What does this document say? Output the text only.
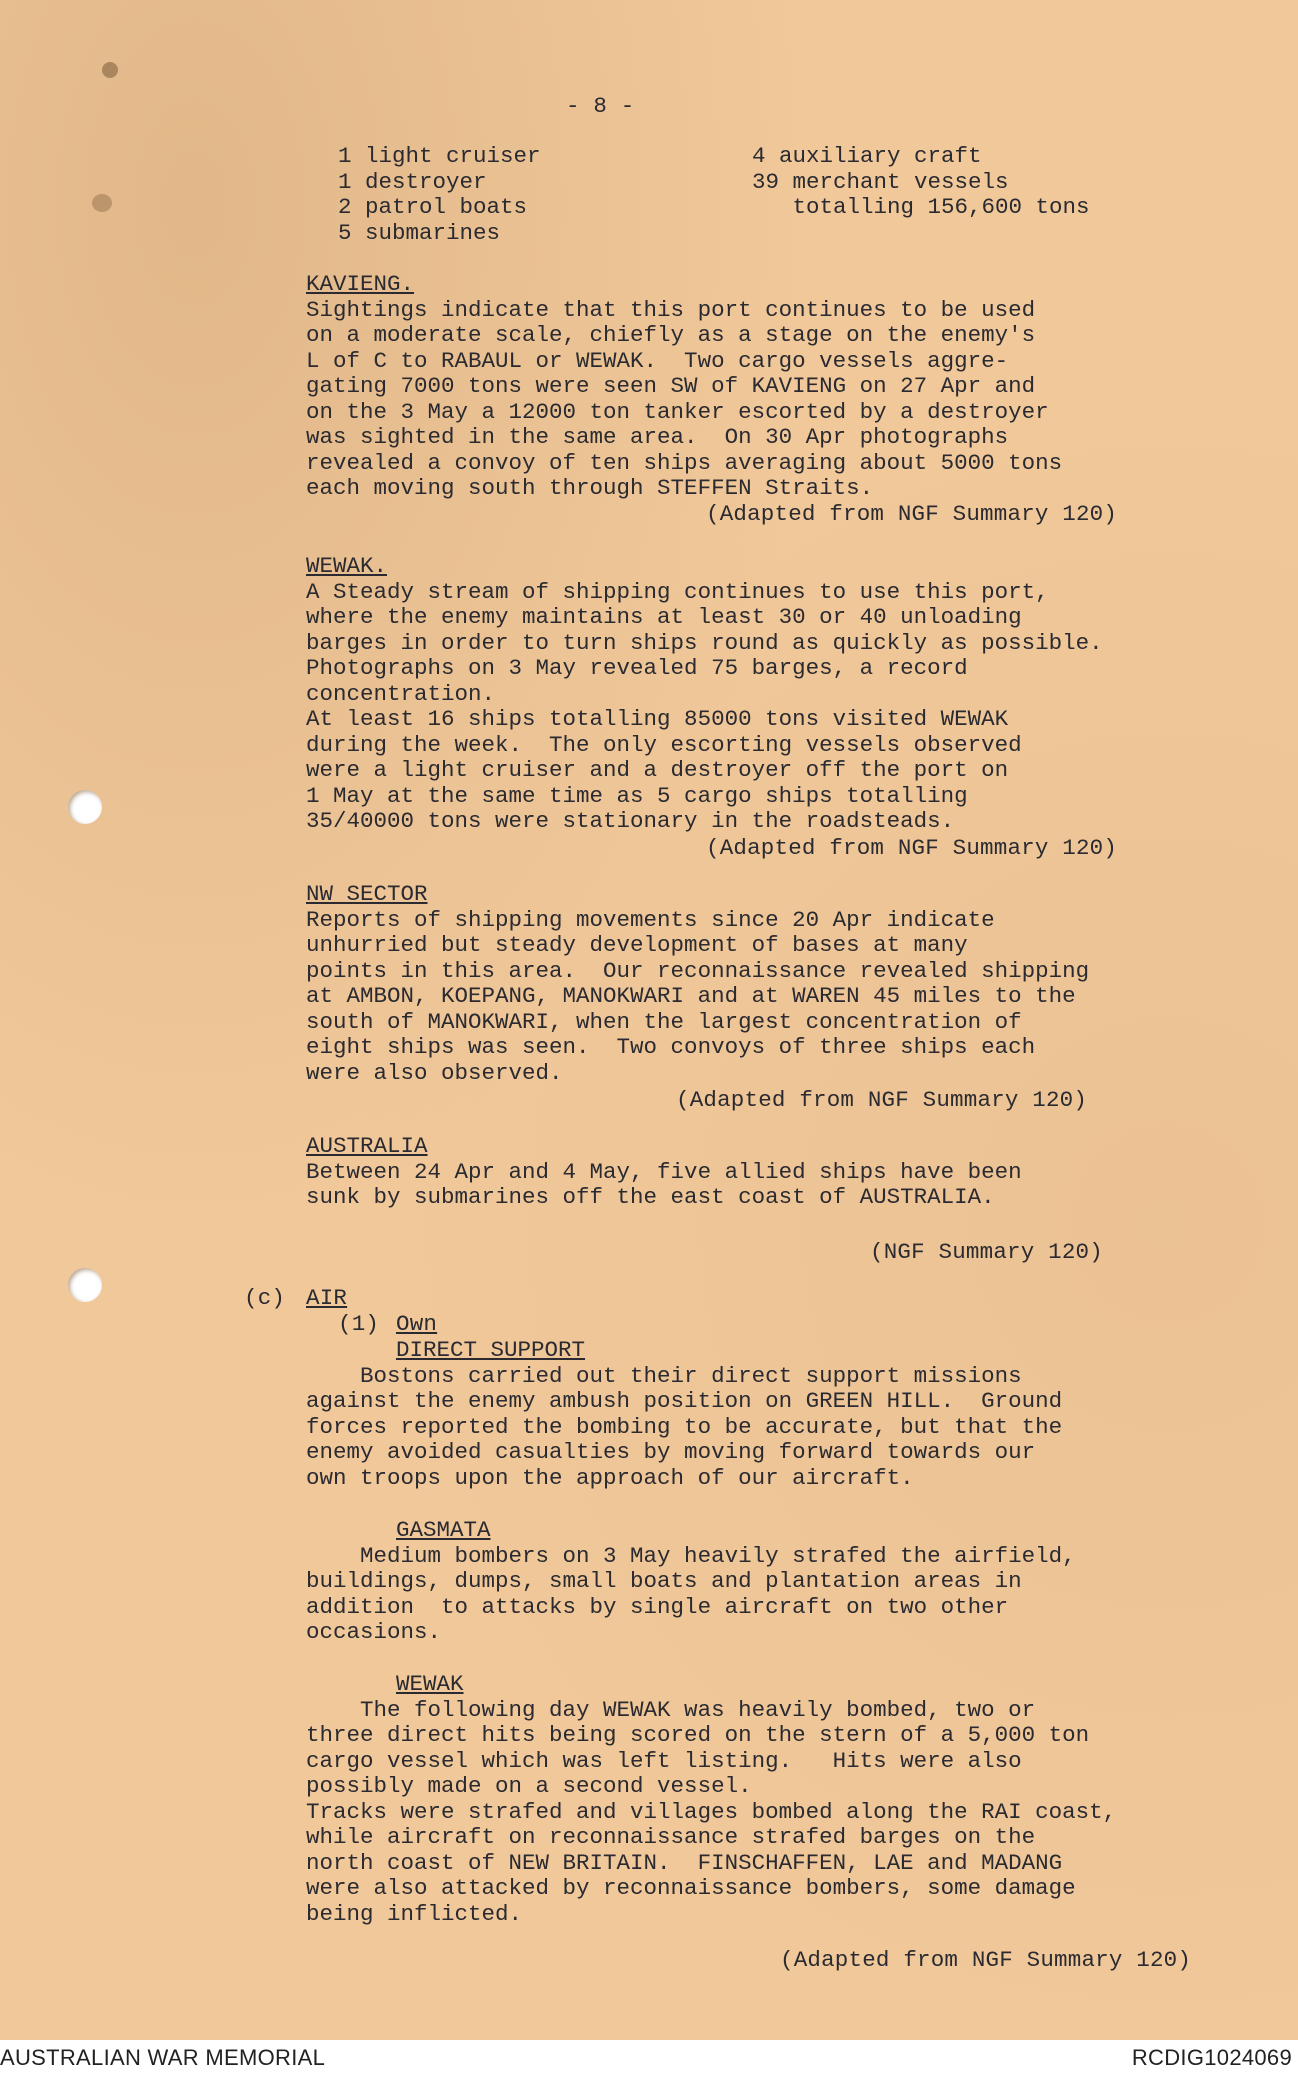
- 8 -
1 light cruiser
1 destroyer
2 patrol boats
5 submarines
4 auxiliary craft
39 merchant vessels
totalling 156,600 tons
KAVIENG.
Sightings indicate that this port continues to be used
on a moderate scale, chiefly as a stage on the enemy's
L of C to RABAUL or WEWAK.  Two cargo vessels aggre-
gating 7000 tons were seen SW of KAVIENG on 27 Apr and
on the 3 May a 12000 ton tanker escorted by a destroyer
was sighted in the same area.  On 30 Apr photographs
revealed a convoy of ten ships averaging about 5000 tons
each moving south through STEFFEN Straits.
(Adapted from NGF Summary 120)
WEWAK.
A Steady stream of shipping continues to use this port,
where the enemy maintains at least 30 or 40 unloading
barges in order to turn ships round as quickly as possible.
Photographs on 3 May revealed 75 barges, a record
concentration.
At least 16 ships totalling 85000 tons visited WEWAK
during the week.  The only escorting vessels observed
were a light cruiser and a destroyer off the port on
1 May at the same time as 5 cargo ships totalling
35/40000 tons were stationary in the roadsteads.
(Adapted from NGF Summary 120)
NW SECTOR
Reports of shipping movements since 20 Apr indicate
unhurried but steady development of bases at many
points in this area.  Our reconnaissance revealed shipping
at AMBON, KOEPANG, MANOKWARI and at WAREN 45 miles to the
south of MANOKWARI, when the largest concentration of
eight ships was seen.  Two convoys of three ships each
were also observed.
(Adapted from NGF Summary 120)
AUSTRALIA
Between 24 Apr and 4 May, five allied ships have been
sunk by submarines off the east coast of AUSTRALIA.
(NGF Summary 120)
(c) AIR
(1) Own
DIRECT SUPPORT
Bostons carried out their direct support missions
against the enemy ambush position on GREEN HILL.  Ground
forces reported the bombing to be accurate, but that the
enemy avoided casualties by moving forward towards our
own troops upon the approach of our aircraft.
GASMATA
Medium bombers on 3 May heavily strafed the airfield,
buildings, dumps, small boats and plantation areas in
addition  to attacks by single aircraft on two other
occasions.
WEWAK
The following day WEWAK was heavily bombed, two or
three direct hits being scored on the stern of a 5,000 ton
cargo vessel which was left listing.   Hits were also
possibly made on a second vessel.
Tracks were strafed and villages bombed along the RAI coast,
while aircraft on reconnaissance strafed barges on the
north coast of NEW BRITAIN.  FINSCHAFFEN, LAE and MADANG
were also attacked by reconnaissance bombers, some damage
being inflicted.
(Adapted from NGF Summary 120)
AUSTRALIAN WAR MEMORIAL	RCDIG1024069
